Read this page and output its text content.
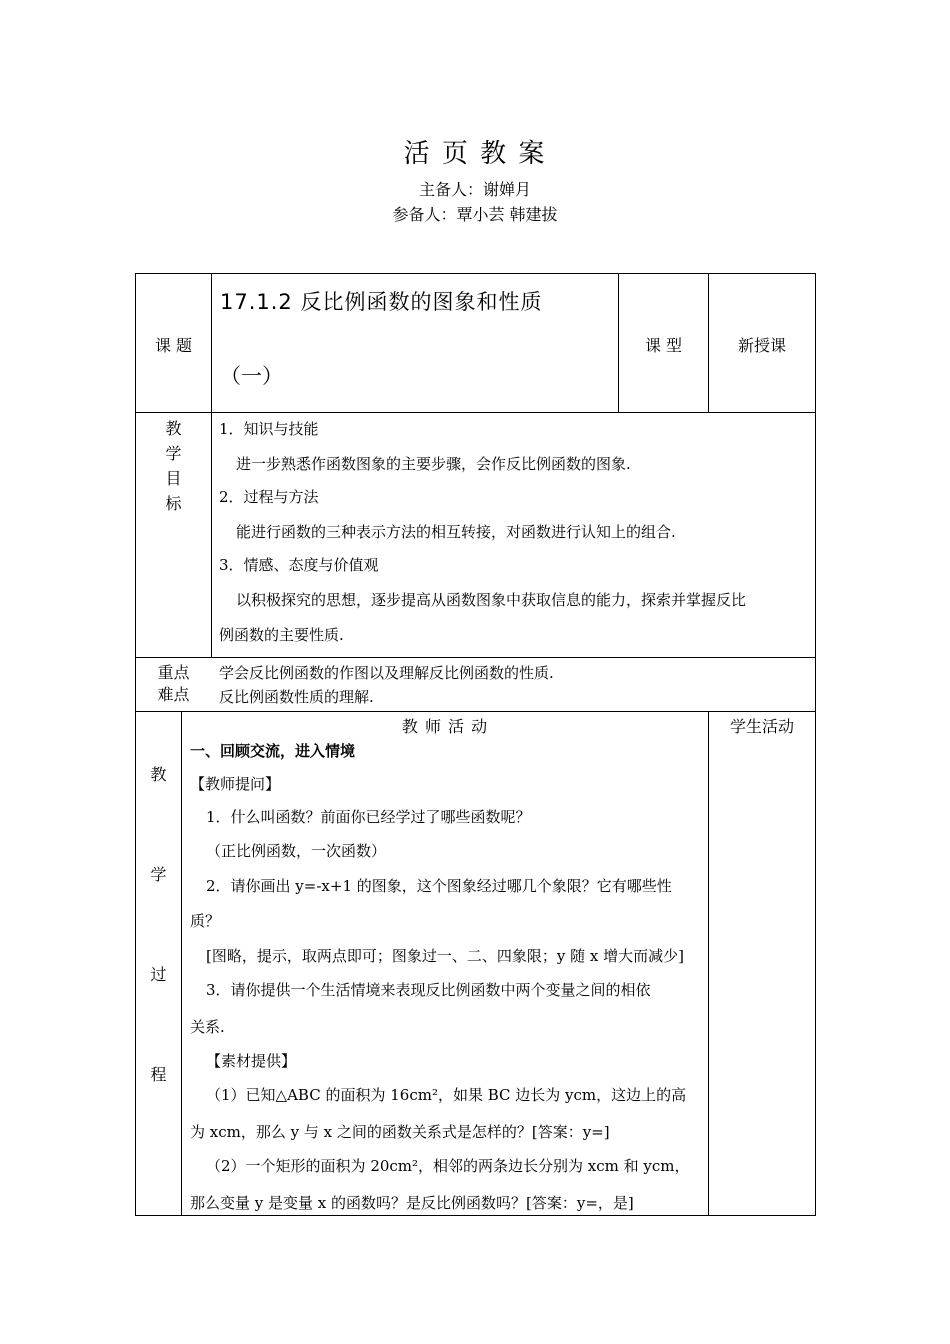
活 页 教 案
主备人：谢婵月
参备人：覃小芸 韩建拔
课 题
17.1.2 反比例函数的图象和性质
（一）
课 型	新授课
教
学
目
标
1．知识与技能
进一步熟悉作函数图象的主要步骤，会作反比例函数的图象.
2．过程与方法
能进行函数的三种表示方法的相互转接，对函数进行认知上的组合.
3．情感、态度与价值观
以积极探究的思想，逐步提高从函数图象中获取信息的能力，探索并掌握反比
例函数的主要性质.
重点
难点
学会反比例函数的作图以及理解反比例函数的性质.
反比例函数性质的理解.
教
学
过
程
教 师 活 动	学生活动
一、回顾交流，进入情境
【教师提问】
1．什么叫函数？前面你已经学过了哪些函数呢？
（正比例函数，一次函数）
2．请你画出 y=-x+1 的图象，这个图象经过哪几个象限？它有哪些性
质？
[图略，提示，取两点即可；图象过一、二、四象限；y 随 x 增大而减少]
3．请你提供一个生活情境来表现反比例函数中两个变量之间的相依
关系.
【素材提供】
（1）已知△ABC 的面积为 16cm²，如果 BC 边长为 ycm，这边上的高
为 xcm，那么 y 与 x 之间的函数关系式是怎样的？[答案：y=]
（2）一个矩形的面积为 20cm²，相邻的两条边长分别为 xcm 和 ycm，
那么变量 y 是变量 x 的函数吗？是反比例函数吗？[答案：y=，是]
